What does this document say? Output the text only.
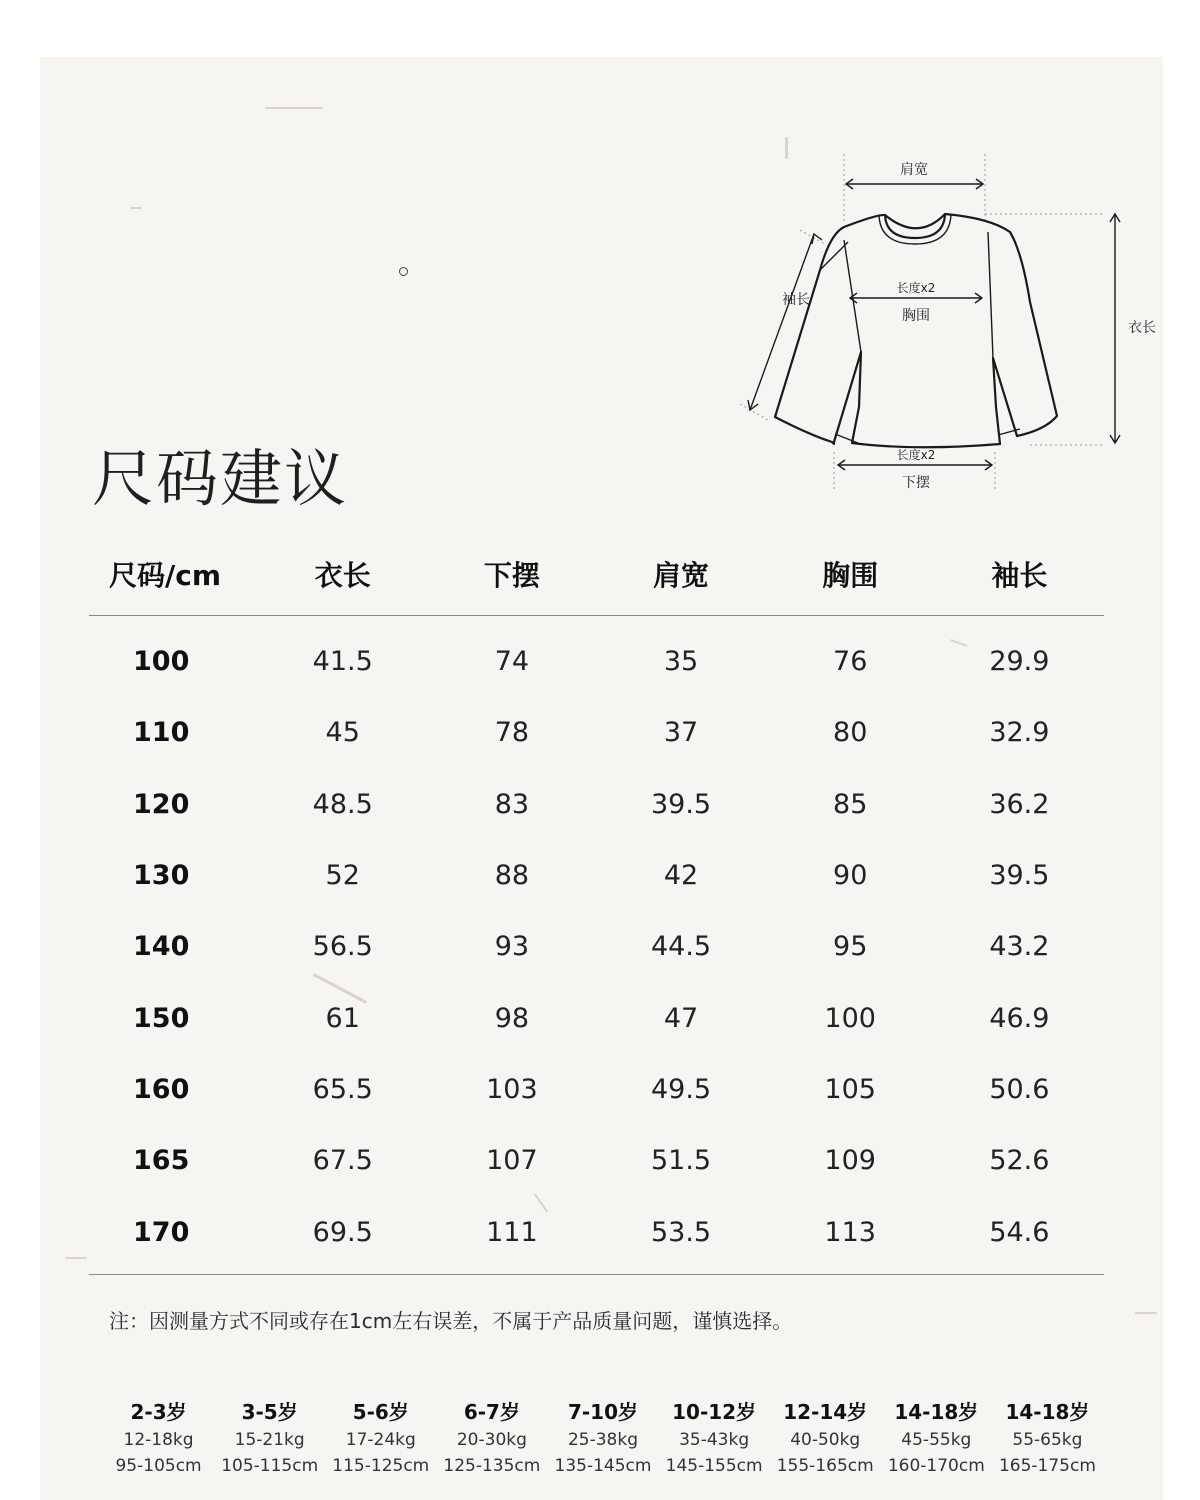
尺码建议
肩宽
袖长
衣长
长度x2
胸围
长度x2
下摆
尺码/cm	衣长	下摆	肩宽	胸围	袖长
100	41.5	74	35	76	29.9
110	45	78	37	80	32.9
120	48.5	83	39.5	85	36.2
130	52	88	42	90	39.5
140	56.5	93	44.5	95	43.2
150	61	98	47	100	46.9
160	65.5	103	49.5	105	50.6
165	67.5	107	51.5	109	52.6
170	69.5	111	53.5	113	54.6
注：因测量方式不同或存在1cm左右误差，不属于产品质量问题，谨慎选择。
2-3岁
12-18kg
95-105cm
3-5岁
15-21kg
105-115cm
5-6岁
17-24kg
115-125cm
6-7岁
20-30kg
125-135cm
7-10岁
25-38kg
135-145cm
10-12岁
35-43kg
145-155cm
12-14岁
40-50kg
155-165cm
14-18岁
45-55kg
160-170cm
14-18岁
55-65kg
165-175cm
